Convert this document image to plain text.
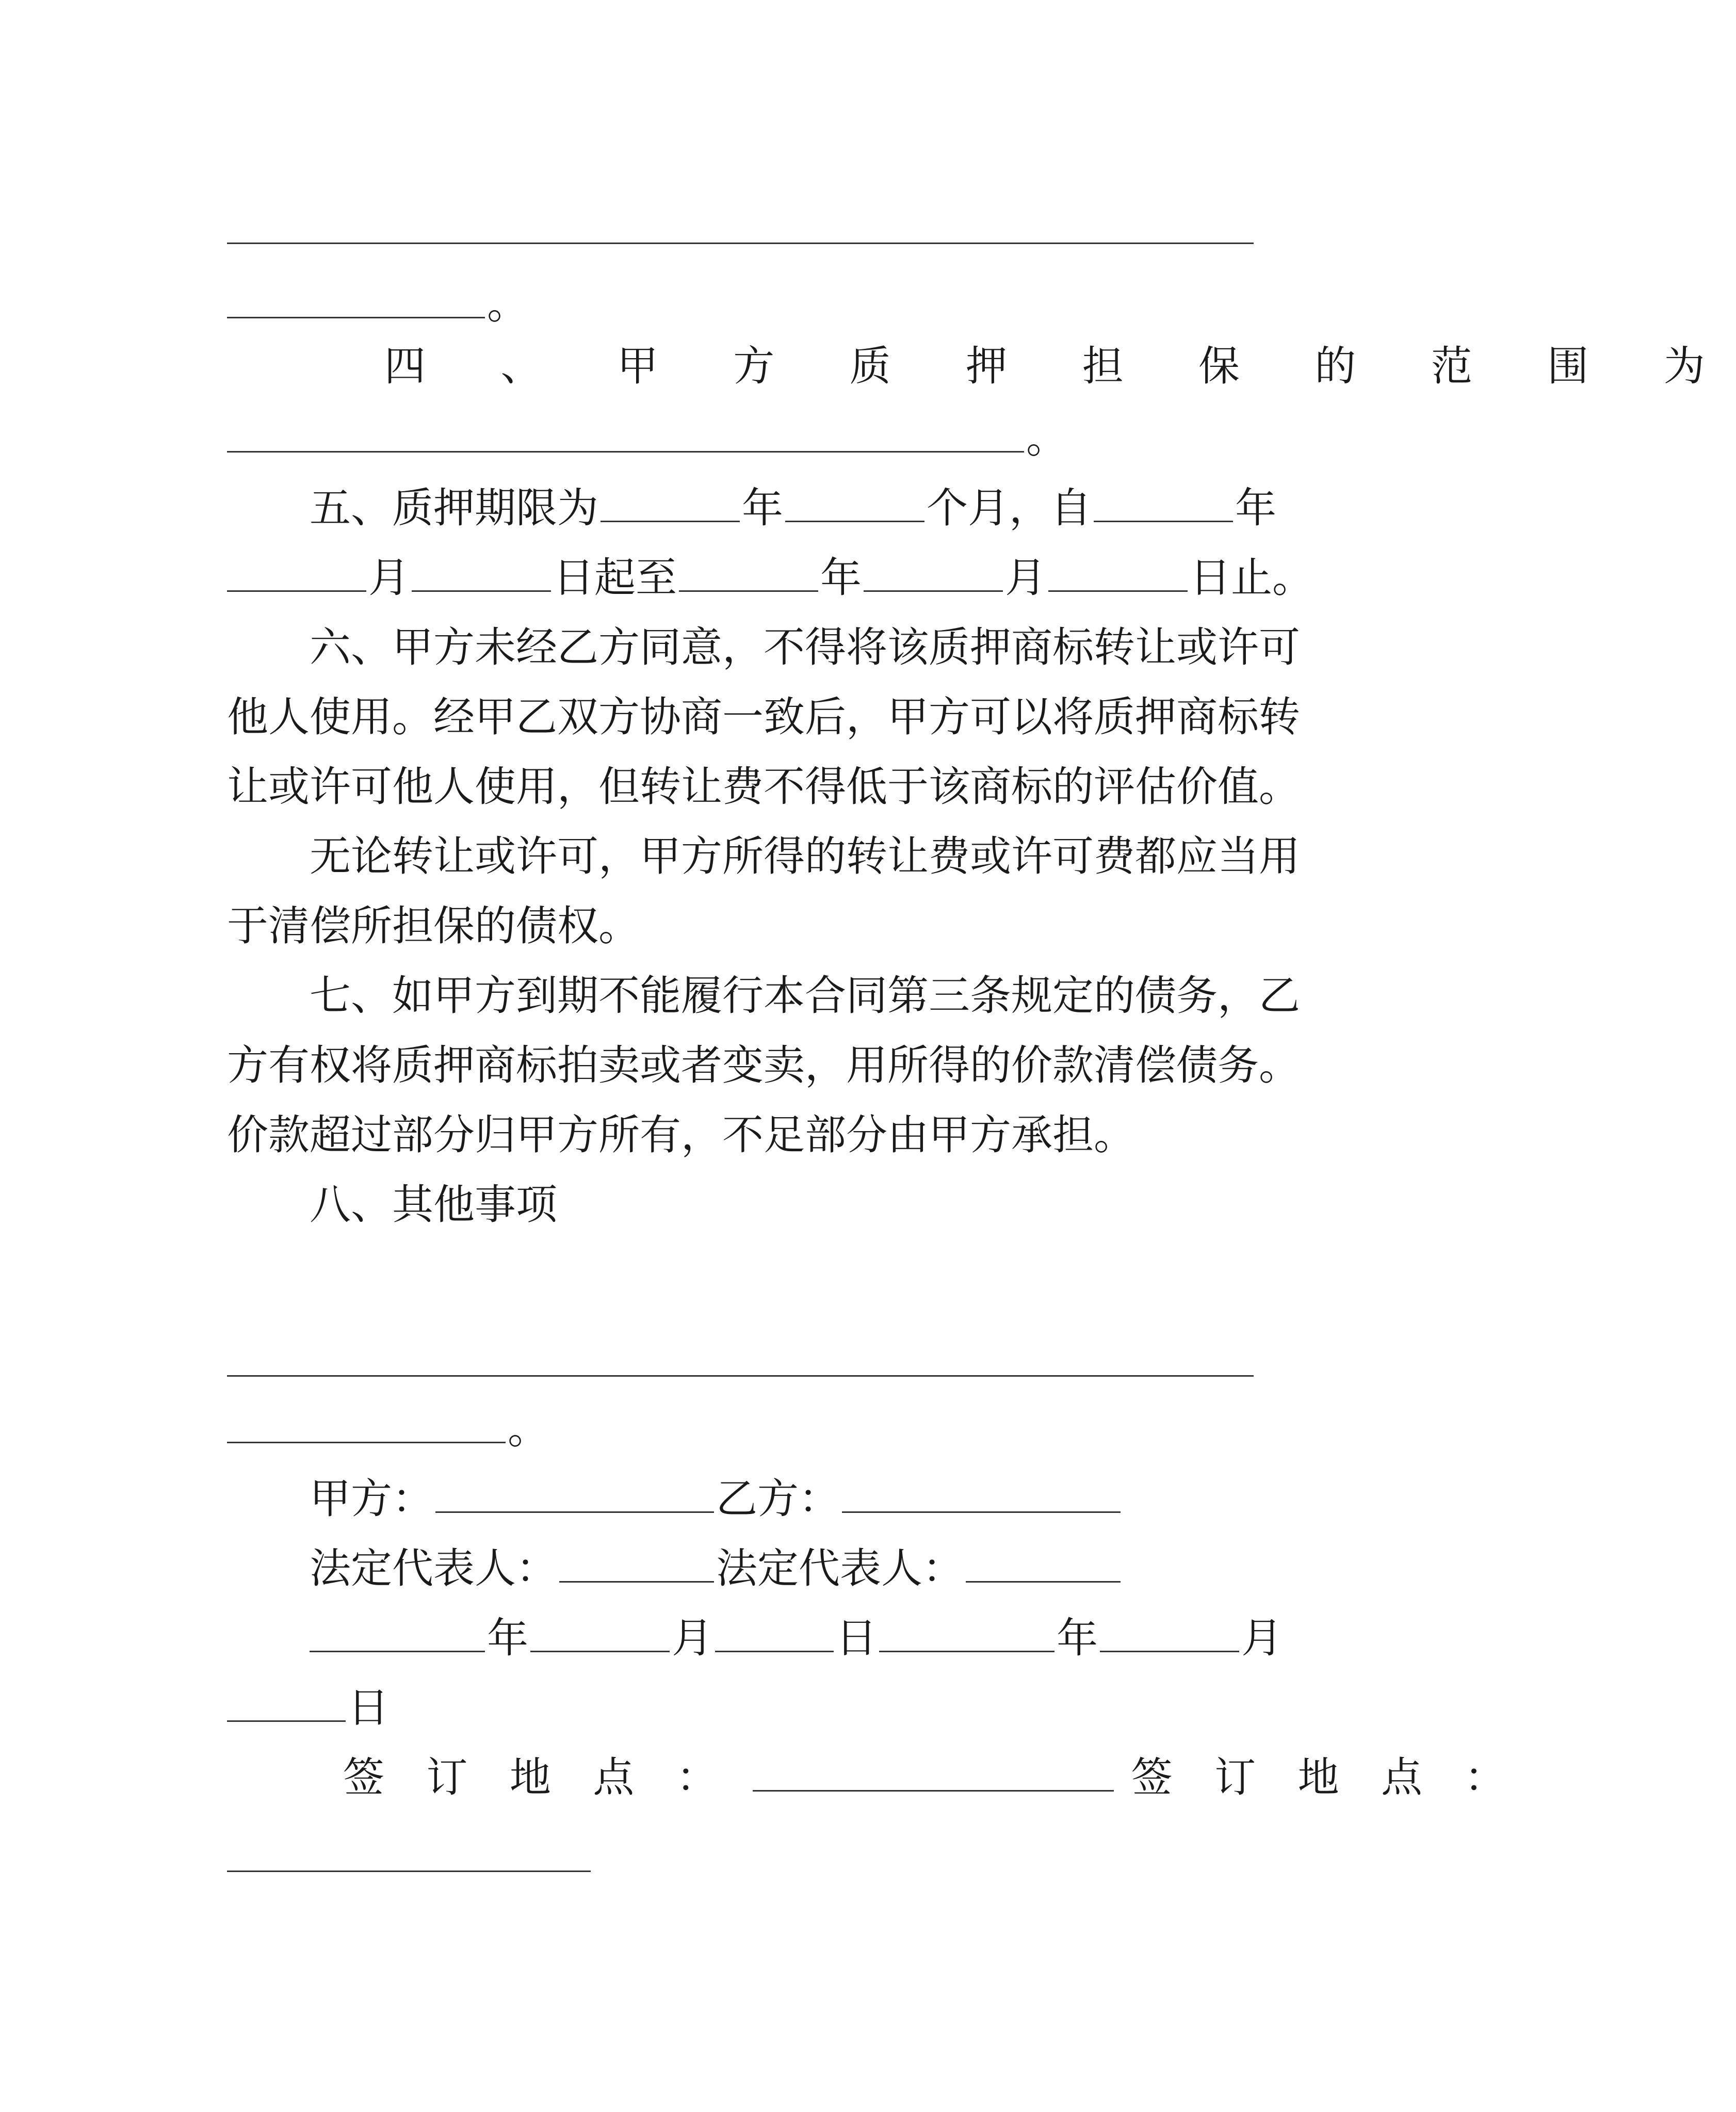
。
四 、 甲 方 质 押 担 保 的 范 围 为
。
五、质押期限为	年	个月，自	年
月	日起至	年	月	日止。
六、甲方未经乙方同意，不得将该质押商标转让或许可
他人使用。经甲乙双方协商一致后，甲方可以将质押商标转
让或许可他人使用，但转让费不得低于该商标的评估价值。
无论转让或许可，甲方所得的转让费或许可费都应当用
于清偿所担保的债权。
七、如甲方到期不能履行本合同第三条规定的债务，乙
方有权将质押商标拍卖或者变卖，用所得的价款清偿债务。
价款超过部分归甲方所有，不足部分由甲方承担。
八、其他事项
。
甲方：	乙方：
法定代表人：	法定代表人：
年	月	日	年	月
日
签 订 地 点 ：	签 订 地 点 ：
